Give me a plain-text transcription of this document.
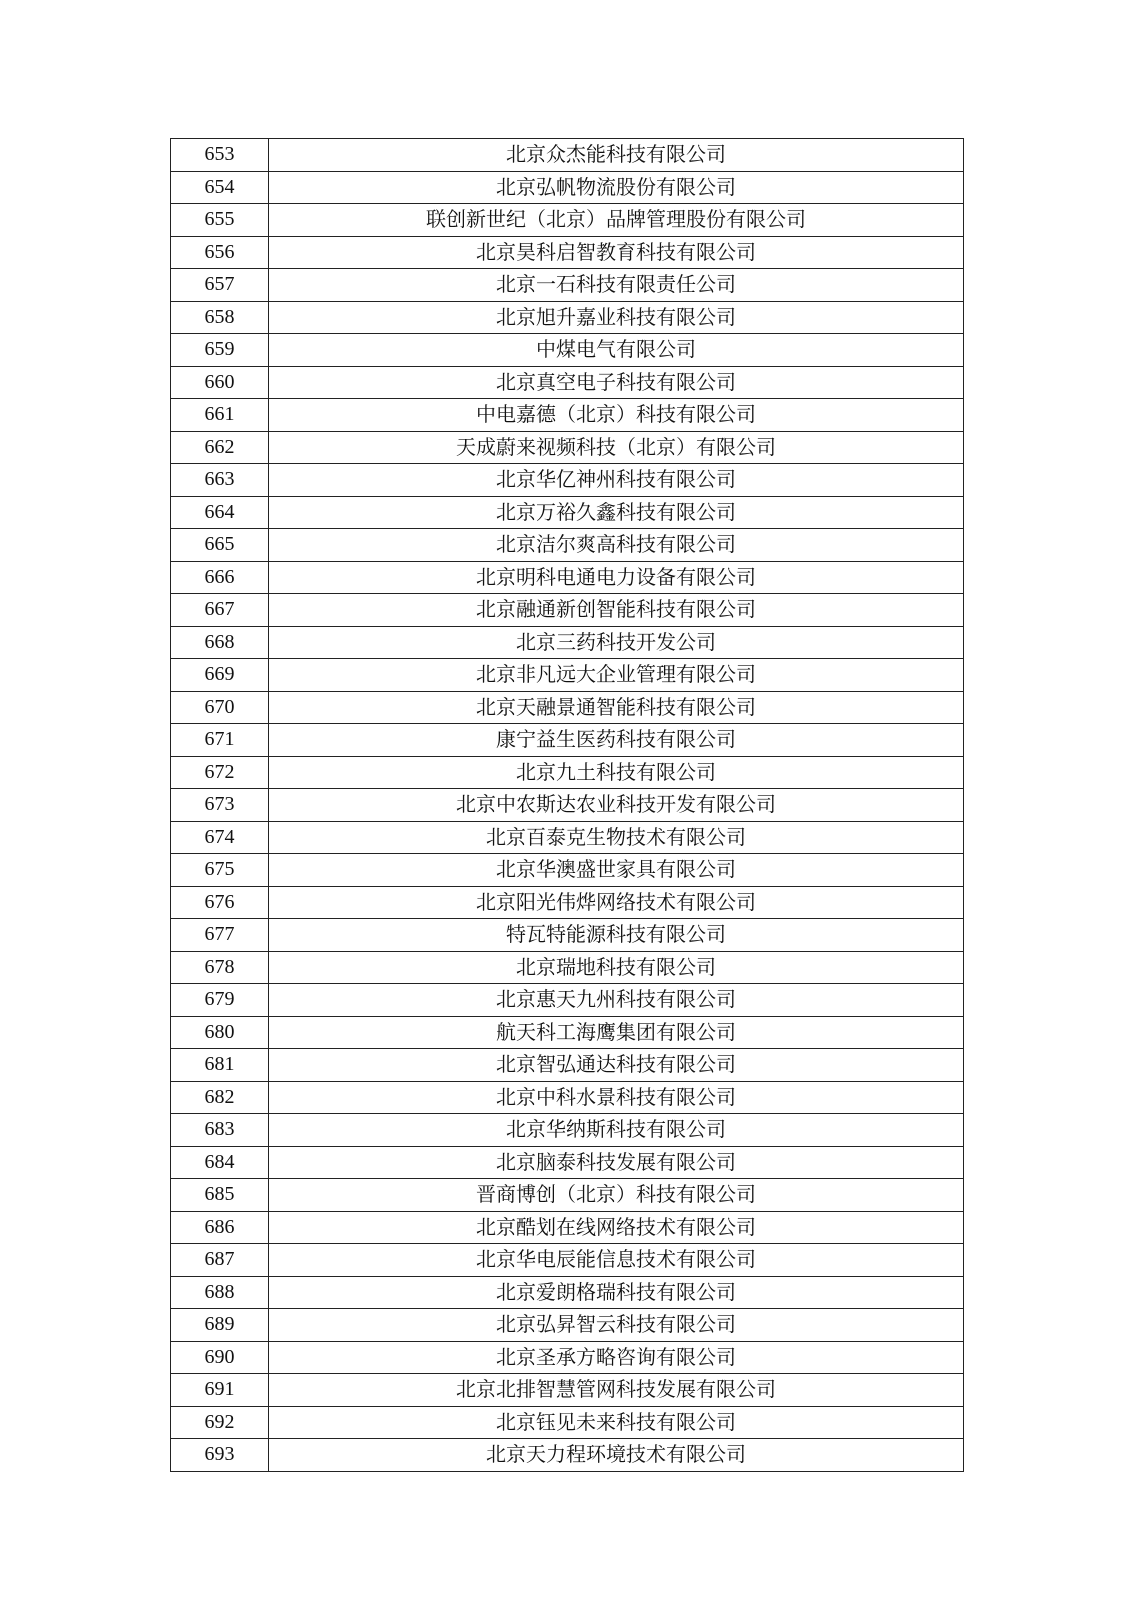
653	北京众杰能科技有限公司
654	北京弘帆物流股份有限公司
655	联创新世纪（北京）品牌管理股份有限公司
656	北京昊科启智教育科技有限公司
657	北京一石科技有限责任公司
658	北京旭升嘉业科技有限公司
659	中煤电气有限公司
660	北京真空电子科技有限公司
661	中电嘉德（北京）科技有限公司
662	天成蔚来视频科技（北京）有限公司
663	北京华亿神州科技有限公司
664	北京万裕久鑫科技有限公司
665	北京洁尔爽高科技有限公司
666	北京明科电通电力设备有限公司
667	北京融通新创智能科技有限公司
668	北京三药科技开发公司
669	北京非凡远大企业管理有限公司
670	北京天融景通智能科技有限公司
671	康宁益生医药科技有限公司
672	北京九土科技有限公司
673	北京中农斯达农业科技开发有限公司
674	北京百泰克生物技术有限公司
675	北京华澳盛世家具有限公司
676	北京阳光伟烨网络技术有限公司
677	特瓦特能源科技有限公司
678	北京瑞地科技有限公司
679	北京惠天九州科技有限公司
680	航天科工海鹰集团有限公司
681	北京智弘通达科技有限公司
682	北京中科水景科技有限公司
683	北京华纳斯科技有限公司
684	北京脑泰科技发展有限公司
685	晋商博创（北京）科技有限公司
686	北京酷划在线网络技术有限公司
687	北京华电辰能信息技术有限公司
688	北京爱朗格瑞科技有限公司
689	北京弘昇智云科技有限公司
690	北京圣承方略咨询有限公司
691	北京北排智慧管网科技发展有限公司
692	北京钰见未来科技有限公司
693	北京天力程环境技术有限公司
